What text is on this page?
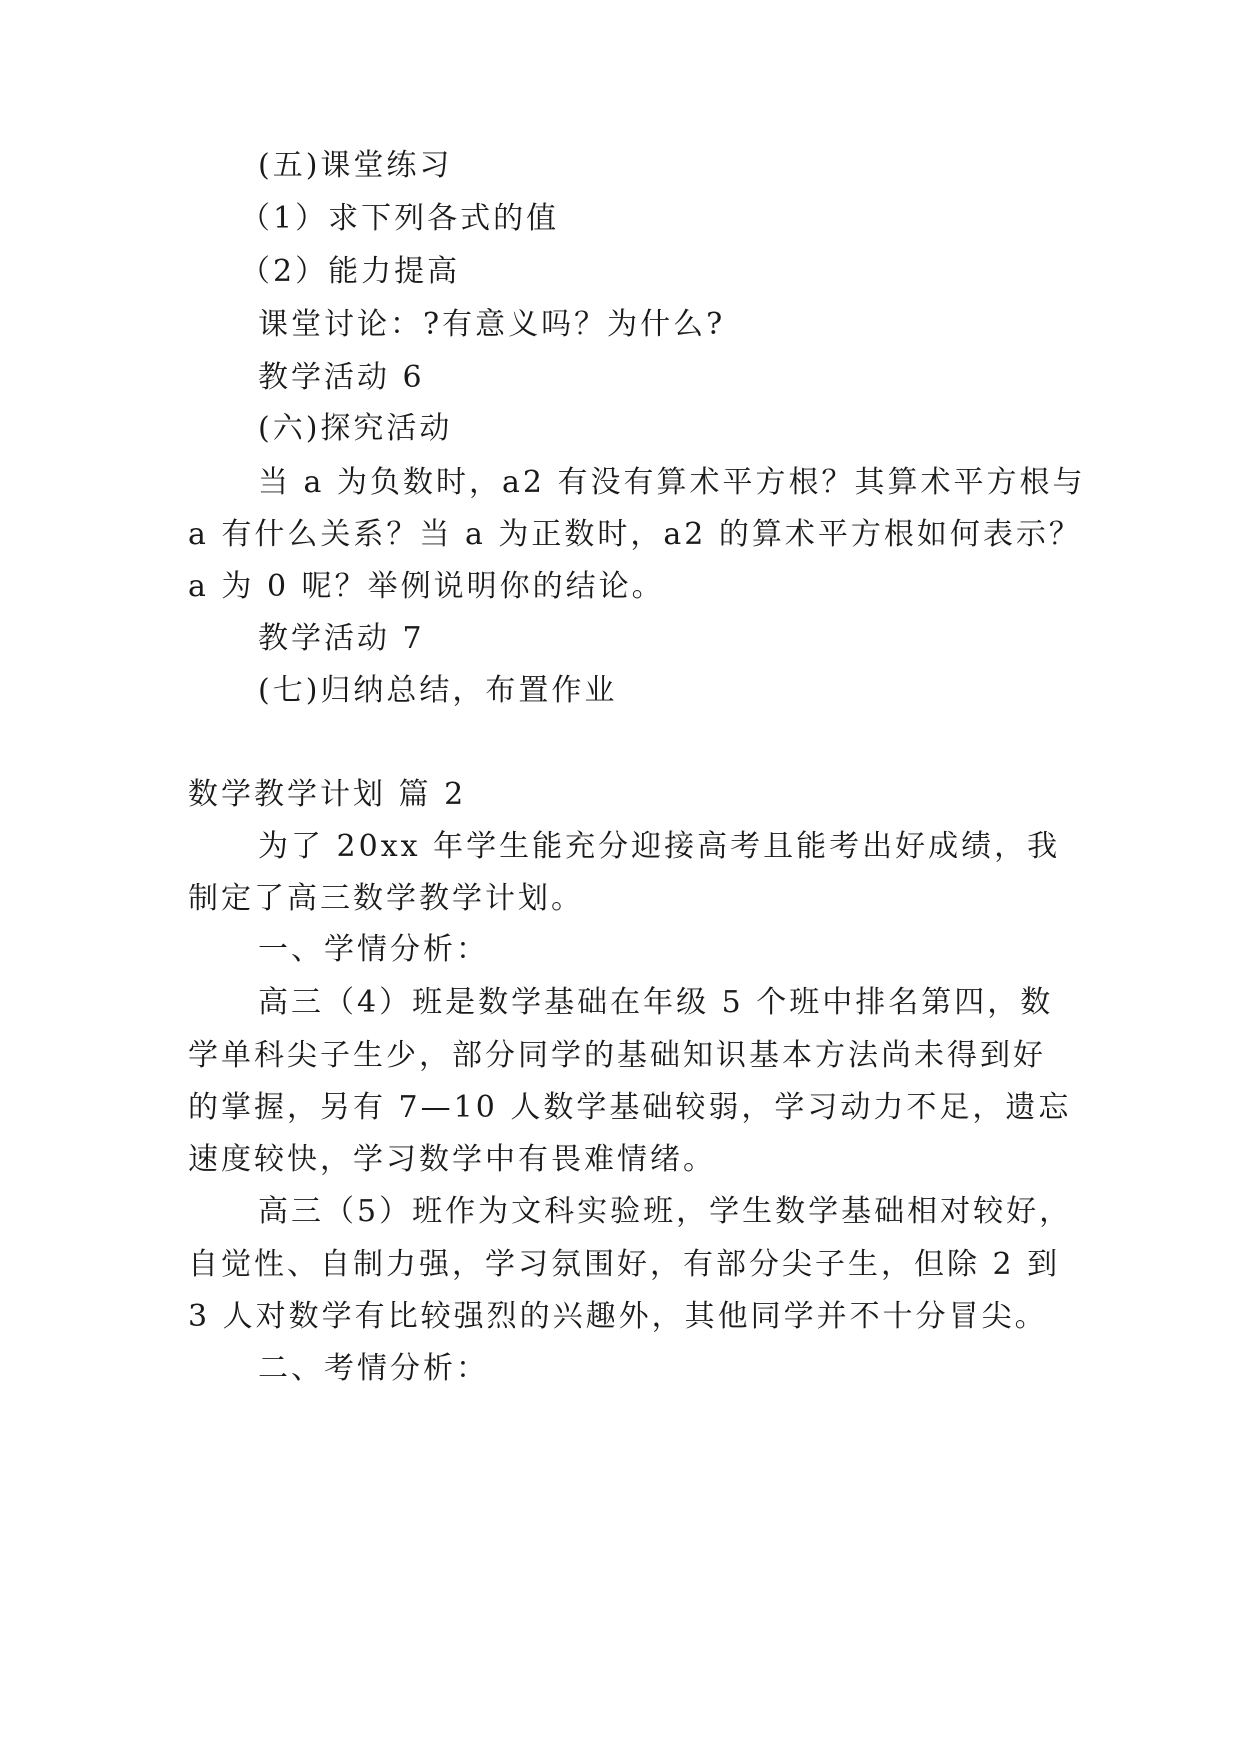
(五)课堂练习
（1）求下列各式的值
（2）能力提高
课堂讨论：?有意义吗？为什么?
教学活动 6
(六)探究活动
当 a 为负数时，a2 有没有算术平方根？其算术平方根与
a 有什么关系？当 a 为正数时，a2 的算术平方根如何表示？
a 为 0 呢？举例说明你的结论。
教学活动 7
(七)归纳总结，布置作业
数学教学计划 篇 2
为了 20xx 年学生能充分迎接高考且能考出好成绩，我
制定了高三数学教学计划。
一、学情分析：
高三（4）班是数学基础在年级 5 个班中排名第四，数
学单科尖子生少，部分同学的基础知识基本方法尚未得到好
的掌握，另有 7—10 人数学基础较弱，学习动力不足，遗忘
速度较快，学习数学中有畏难情绪。
高三（5）班作为文科实验班，学生数学基础相对较好，
自觉性、自制力强，学习氛围好，有部分尖子生，但除 2 到
3 人对数学有比较强烈的兴趣外，其他同学并不十分冒尖。
二、考情分析：
